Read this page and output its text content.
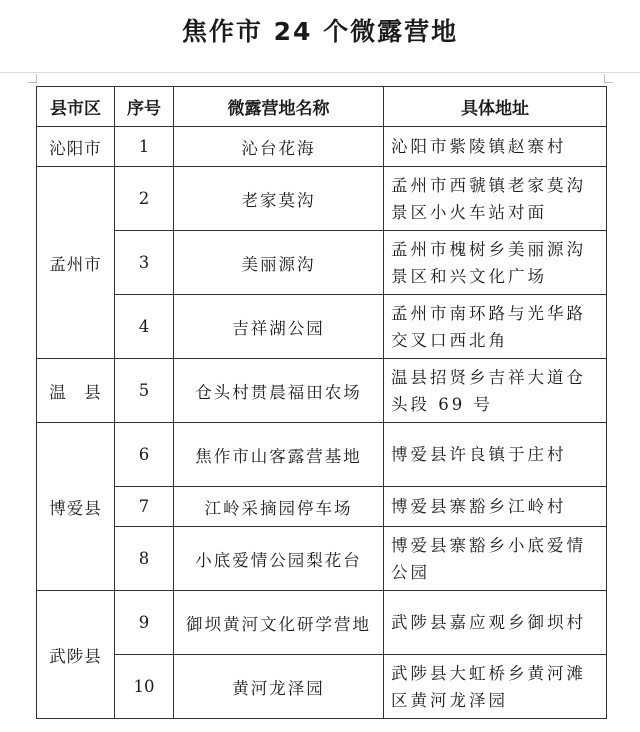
焦作市 24 个微露营地
县市区	序号	微露营地名称	具体地址
沁阳市	1	沁台花海	沁阳市紫陵镇赵寨村
孟州市	2	老家莫沟	孟州市西虢镇老家莫沟景区小火车站对面
	3	美丽源沟	孟州市槐树乡美丽源沟景区和兴文化广场
	4	吉祥湖公园	孟州市南环路与光华路交叉口西北角
温　县	5	仓头村贯晨福田农场	温县招贤乡吉祥大道仓头段 69 号
博爱县	6	焦作市山客露营基地	博爱县许良镇于庄村
	7	江岭采摘园停车场	博爱县寨豁乡江岭村
	8	小底爱情公园梨花台	博爱县寨豁乡小底爱情公园
武陟县	9	御坝黄河文化研学营地	武陟县嘉应观乡御坝村
	10	黄河龙泽园	武陟县大虹桥乡黄河滩区黄河龙泽园
